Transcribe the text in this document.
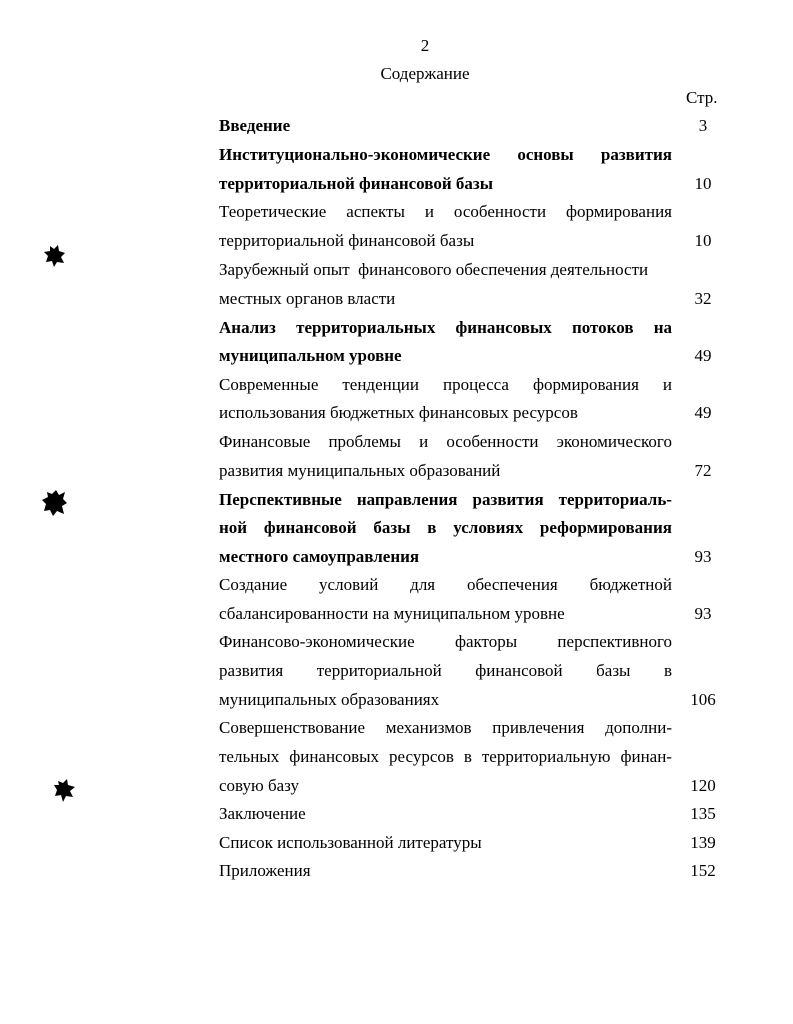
2
Содержание
Стр.
Введение	3
Институционально-экономические основы развития
территориальной финансовой базы	10
Теоретические аспекты и особенности формирования
территориальной финансовой базы	10
Зарубежный опыт  финансового обеспечения деятельности
местных органов власти	32
Анализ территориальных финансовых потоков на
муниципальном уровне	49
Современные тенденции процесса формирования и
использования бюджетных финансовых ресурсов	49
Финансовые проблемы и особенности экономического
развития муниципальных образований	72
Перспективные направления развития территориаль-
ной финансовой базы в условиях реформирования
местного самоуправления	93
Создание условий для обеспечения бюджетной
сбалансированности на муниципальном уровне	93
Финансово-экономические факторы перспективного
развития территориальной финансовой базы в
муниципальных образованиях	106
Совершенствование механизмов привлечения дополни-
тельных финансовых ресурсов в территориальную финан-
совую базу	120
Заключение	135
Список использованной литературы	139
Приложения	152
